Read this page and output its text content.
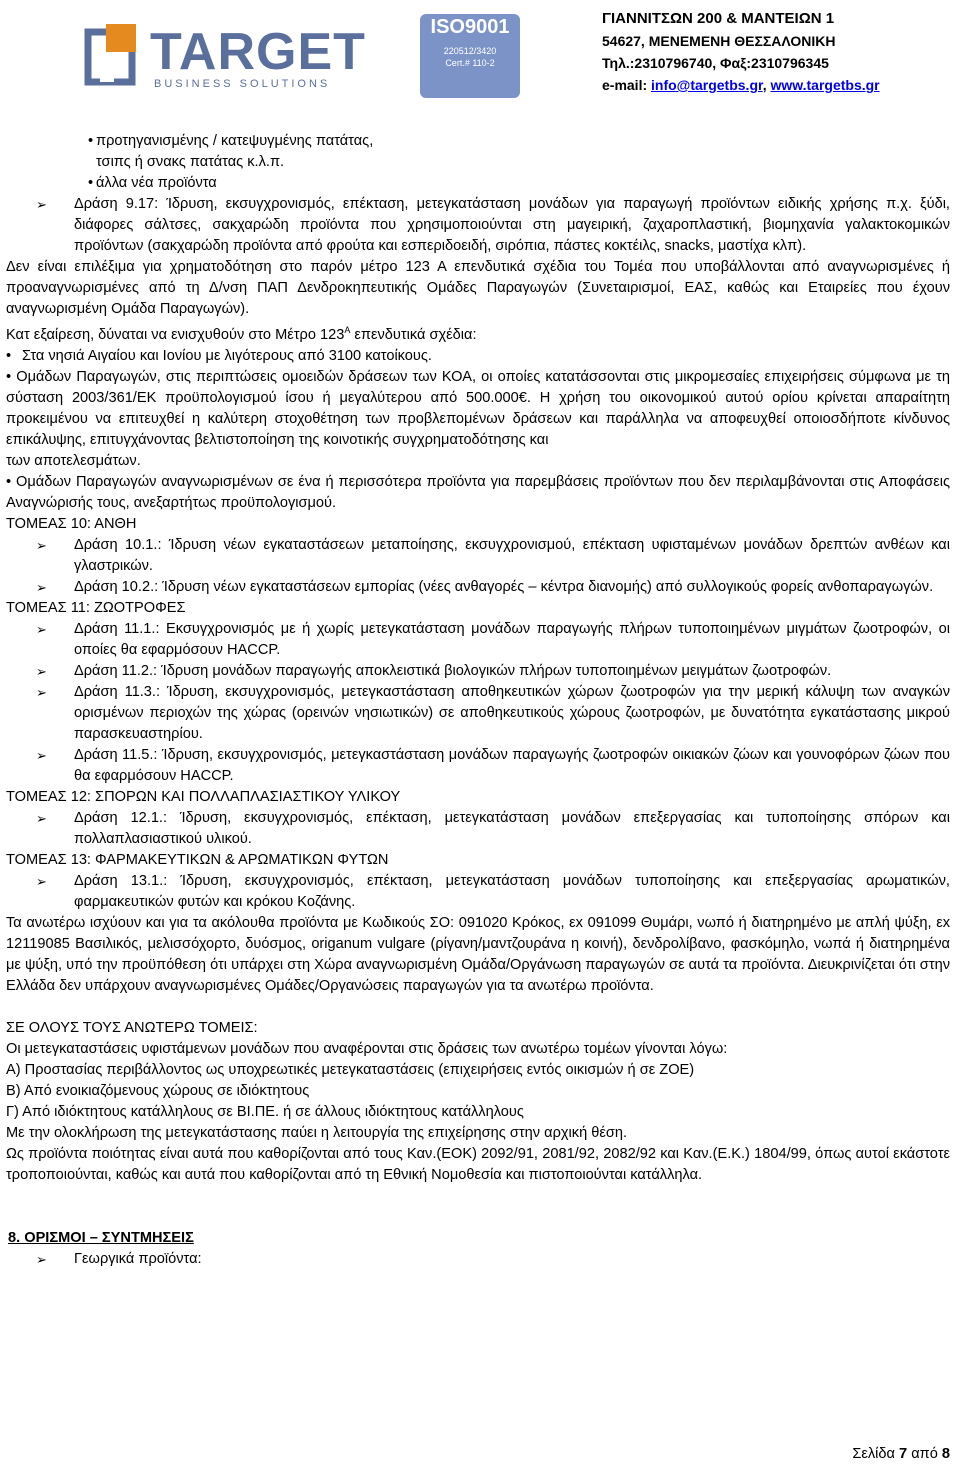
TARGET
BUSINESS SOLUTIONS
ISO9001
220512/3420
Cert.# 110-2
ΓΙΑΝΝΙΤΣΩΝ 200 & ΜΑΝΤΕΙΩΝ 1
54627, ΜΕΝΕΜΕΝΗ ΘΕΣΣΑΛΟΝΙΚΗ
Τηλ.:2310796740, Φαξ:2310796345
e-mail: info@targetbs.gr, www.targetbs.gr
• προτηγανισμένης / κατεψυγμένης πατάτας,
τσιπς ή σνακς πατάτας κ.λ.π.
• άλλα νέα προϊόντα
➢ Δράση 9.17: Ίδρυση, εκσυγχρονισμός, επέκταση, μετεγκατάσταση μονάδων για παραγωγή προϊόντων ειδικής χρήσης π.χ. ξύδι, διάφορες σάλτσες, σακχαρώδη προϊόντα που χρησιμοποιούνται στη μαγειρική, ζαχαροπλαστική, βιομηχανία γαλακτοκομικών προϊόντων (σακχαρώδη προϊόντα από φρούτα και εσπεριδοειδή, σιρόπια, πάστες κοκτέιλς, snacks, μαστίχα κλπ).

Δεν είναι επιλέξιμα για χρηματοδότηση στο παρόν μέτρο 123 Α επενδυτικά σχέδια του Τομέα που υποβάλλονται από αναγνωρισμένες ή προαναγνωρισμένες από τη Δ/νση ΠΑΠ Δενδροκηπευτικής Ομάδες Παραγωγών (Συνεταιρισμοί, ΕΑΣ, καθώς και Εταιρείες που έχουν αναγνωρισμένη Ομάδα Παραγωγών).

Κατ εξαίρεση, δύναται να ενισχυθούν στο Μέτρο $123^A$ επενδυτικά σχέδια:

• Στα νησιά Αιγαίου και Ιονίου με λιγότερους από 3100 κατοίκους.
• Ομάδων Παραγωγών, στις περιπτώσεις ομοειδών δράσεων των ΚΟΑ, οι οποίες κατατάσσονται στις μικρομεσαίες επιχειρήσεις σύμφωνα με τη σύσταση 2003/361/ΕΚ προϋπολογισμού ίσου ή μεγαλύτερου από 500.000€. Η χρήση του οικονομικού αυτού ορίου κρίνεται απαραίτητη προκειμένου να επιτευχθεί η καλύτερη στοχοθέτηση των προβλεπομένων δράσεων και παράλληλα να αποφευχθεί οποιοσδήποτε κίνδυνος επικάλυψης, επιτυγχάνοντας βελτιστοποίηση της κοινοτικής συγχρηματοδότησης και

των αποτελεσμάτων.

• Ομάδων Παραγωγών αναγνωρισμένων σε ένα ή περισσότερα προϊόντα για παρεμβάσεις προϊόντων που δεν περιλαμβάνονται στις Αποφάσεις Αναγνώρισής τους, ανεξαρτήτως προϋπολογισμού.

ΤΟΜΕΑΣ 10: ΑΝΘΗ

➢ Δράση 10.1.: Ίδρυση νέων εγκαταστάσεων μεταποίησης, εκσυγχρονισμού, επέκταση υφισταμένων μονάδων δρεπτών ανθέων και γλαστρικών.
➢ Δράση 10.2.: Ίδρυση νέων εγκαταστάσεων εμπορίας (νέες ανθαγορές – κέντρα διανομής) από συλλογικούς φορείς ανθοπαραγωγών.

ΤΟΜΕΑΣ 11: ΖΩΟΤΡΟΦΕΣ

➢ Δράση 11.1.: Εκσυγχρονισμός με ή χωρίς μετεγκατάσταση μονάδων παραγωγής πλήρων τυποποιημένων μιγμάτων ζωοτροφών, οι οποίες θα εφαρμόσουν HACCP.
➢ Δράση 11.2.: Ίδρυση μονάδων παραγωγής αποκλειστικά βιολογικών πλήρων τυποποιημένων μειγμάτων ζωοτροφών.
➢ Δράση 11.3.: Ίδρυση, εκσυγχρονισμός, μετεγκαστάσταση αποθηκευτικών χώρων ζωοτροφών για την μερική κάλυψη των αναγκών ορισμένων περιοχών της χώρας (ορεινών νησιωτικών) σε αποθηκευτικούς χώρους ζωοτροφών, με δυνατότητα εγκατάστασης μικρού παρασκευαστηρίου.
➢ Δράση 11.5.: Ίδρυση, εκσυγχρονισμός, μετεγκαστάσταση μονάδων παραγωγής ζωοτροφών οικιακών ζώων και γουνοφόρων ζώων που θα εφαρμόσουν HACCP.

ΤΟΜΕΑΣ 12: ΣΠΟΡΩΝ ΚΑΙ ΠΟΛΛΑΠΛΑΣΙΑΣΤΙΚΟΥ ΥΛΙΚΟΥ

➢ Δράση 12.1.: Ίδρυση, εκσυγχρονισμός, επέκταση, μετεγκατάσταση μονάδων επεξεργασίας και τυποποίησης σπόρων και πολλαπλασιαστικού υλικού.

ΤΟΜΕΑΣ 13: ΦΑΡΜΑΚΕΥΤΙΚΩΝ & ΑΡΩΜΑΤΙΚΩΝ ΦΥΤΩΝ

➢ Δράση 13.1.: Ίδρυση, εκσυγχρονισμός, επέκταση, μετεγκατάσταση μονάδων τυποποίησης και επεξεργασίας αρωματικών, φαρμακευτικών φυτών και κρόκου Κοζάνης.

Τα ανωτέρω ισχύουν και για τα ακόλουθα προϊόντα με Κωδικούς ΣΟ: 091020 Κρόκος, εx 091099 Θυμάρι, νωπό ή διατηρημένο με απλή ψύξη, εx 12119085 Βασιλικός, μελισσόχορτο, δυόσμος, origanum vulgare (ρίγανη/μαντζουράνα η κοινή), δενδρολίβανο, φασκόμηλο, νωπά ή διατηρημένα με ψύξη, υπό την προϋπόθεση ότι υπάρχει στη Χώρα αναγνωρισμένη Ομάδα/Οργάνωση παραγωγών σε αυτά τα προϊόντα. Διευκρινίζεται ότι στην Ελλάδα δεν υπάρχουν αναγνωρισμένες Ομάδες/Οργανώσεις παραγωγών για τα ανωτέρω προϊόντα.

ΣΕ ΟΛΟΥΣ ΤΟΥΣ ΑΝΩΤΕΡΩ ΤΟΜΕΙΣ:

Οι μετεγκαταστάσεις υφιστάμενων μονάδων που αναφέρονται στις δράσεις των ανωτέρω τομέων γίνονται λόγω:

Α) Προστασίας περιβάλλοντος ως υποχρεωτικές μετεγκαταστάσεις (επιχειρήσεις εντός οικισμών ή σε ΖΟΕ)

Β) Από ενοικιαζόμενους χώρους σε ιδιόκτητους

Γ) Από ιδιόκτητους κατάλληλους σε ΒΙ.ΠΕ. ή σε άλλους ιδιόκτητους κατάλληλους

Με την ολοκλήρωση της μετεγκατάστασης παύει η λειτουργία της επιχείρησης στην αρχική θέση.

Ως προϊόντα ποιότητας είναι αυτά που καθορίζονται από τους Καν.(ΕΟΚ) 2092/91, 2081/92, 2082/92 και Καν.(Ε.Κ.) 1804/99, όπως αυτοί εκάστοτε τροποποιούνται, καθώς και αυτά που καθορίζονται από τη Εθνική Νομοθεσία και πιστοποιούνται κατάλληλα.

8. ΟΡΙΣΜΟΙ – ΣΥΝΤΜΗΣΕΙΣ

➢ Γεωργικά προϊόντα:
Σελίδα 7 από 8
